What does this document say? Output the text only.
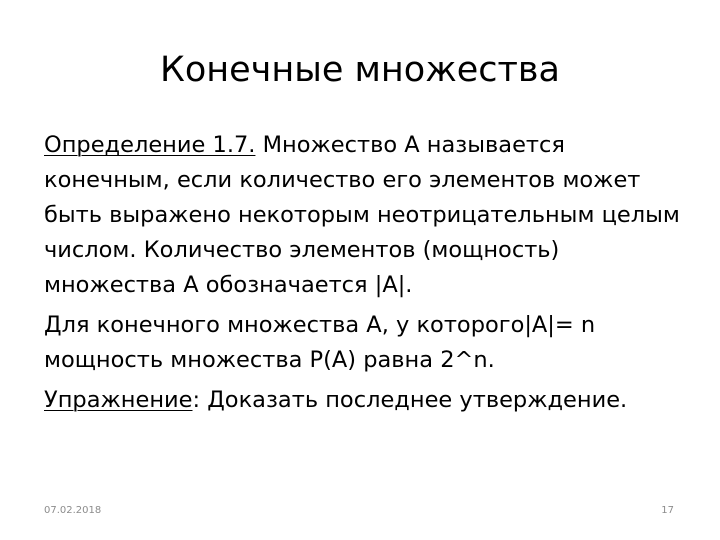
Конечные множества

Определение 1.7. Множество А называется конечным, если количество его элементов может быть выражено некоторым неотрицательным целым числом. Количество элементов (мощность) множества А обозначается |A|.

Для конечного множества А, у которого|A|= n
мощность множества P(A) равна 2^n.

Упражнение: Доказать последнее утверждение.

07.02.2018	17
